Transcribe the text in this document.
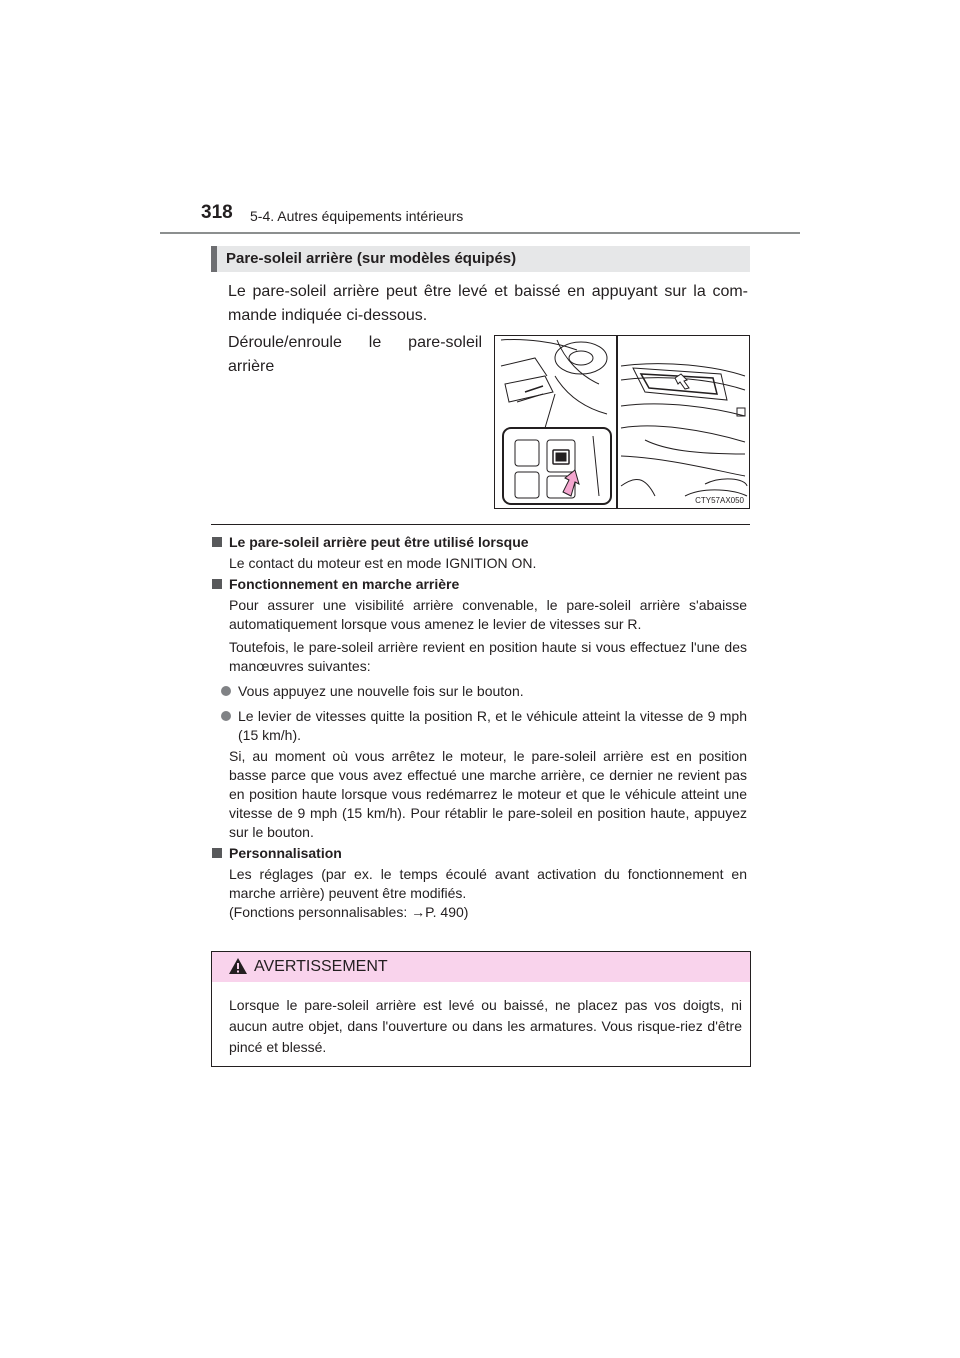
318 5-4. Autres équipements intérieurs
Pare-soleil arrière (sur modèles équipés)
Le pare-soleil arrière peut être levé et baissé en appuyant sur la com-mande indiquée ci-dessous.
Déroule/enroule le pare-soleil
arrière
CTY57AX050
Le pare-soleil arrière peut être utilisé lorsque
Le contact du moteur est en mode IGNITION ON.
Fonctionnement en marche arrière
Pour assurer une visibilité arrière convenable, le pare-soleil arrière s'abaisse automatiquement lorsque vous amenez le levier de vitesses sur R.
Toutefois, le pare-soleil arrière revient en position haute si vous effectuez l'une des manœuvres suivantes:
Vous appuyez une nouvelle fois sur le bouton.
Le levier de vitesses quitte la position R, et le véhicule atteint la vitesse de 9 mph (15 km/h).
Si, au moment où vous arrêtez le moteur, le pare-soleil arrière est en position basse parce que vous avez effectué une marche arrière, ce dernier ne revient pas en position haute lorsque vous redémarrez le moteur et que le véhicule atteint une vitesse de 9 mph (15 km/h). Pour rétablir le pare-soleil en position haute, appuyez sur le bouton.
Personnalisation
Les réglages (par ex. le temps écoulé avant activation du fonctionnement en marche arrière) peuvent être modifiés.
(Fonctions personnalisables: →P. 490)
AVERTISSEMENT
Lorsque le pare-soleil arrière est levé ou baissé, ne placez pas vos doigts, ni aucun autre objet, dans l'ouverture ou dans les armatures. Vous risque-riez d'être pincé et blessé.
